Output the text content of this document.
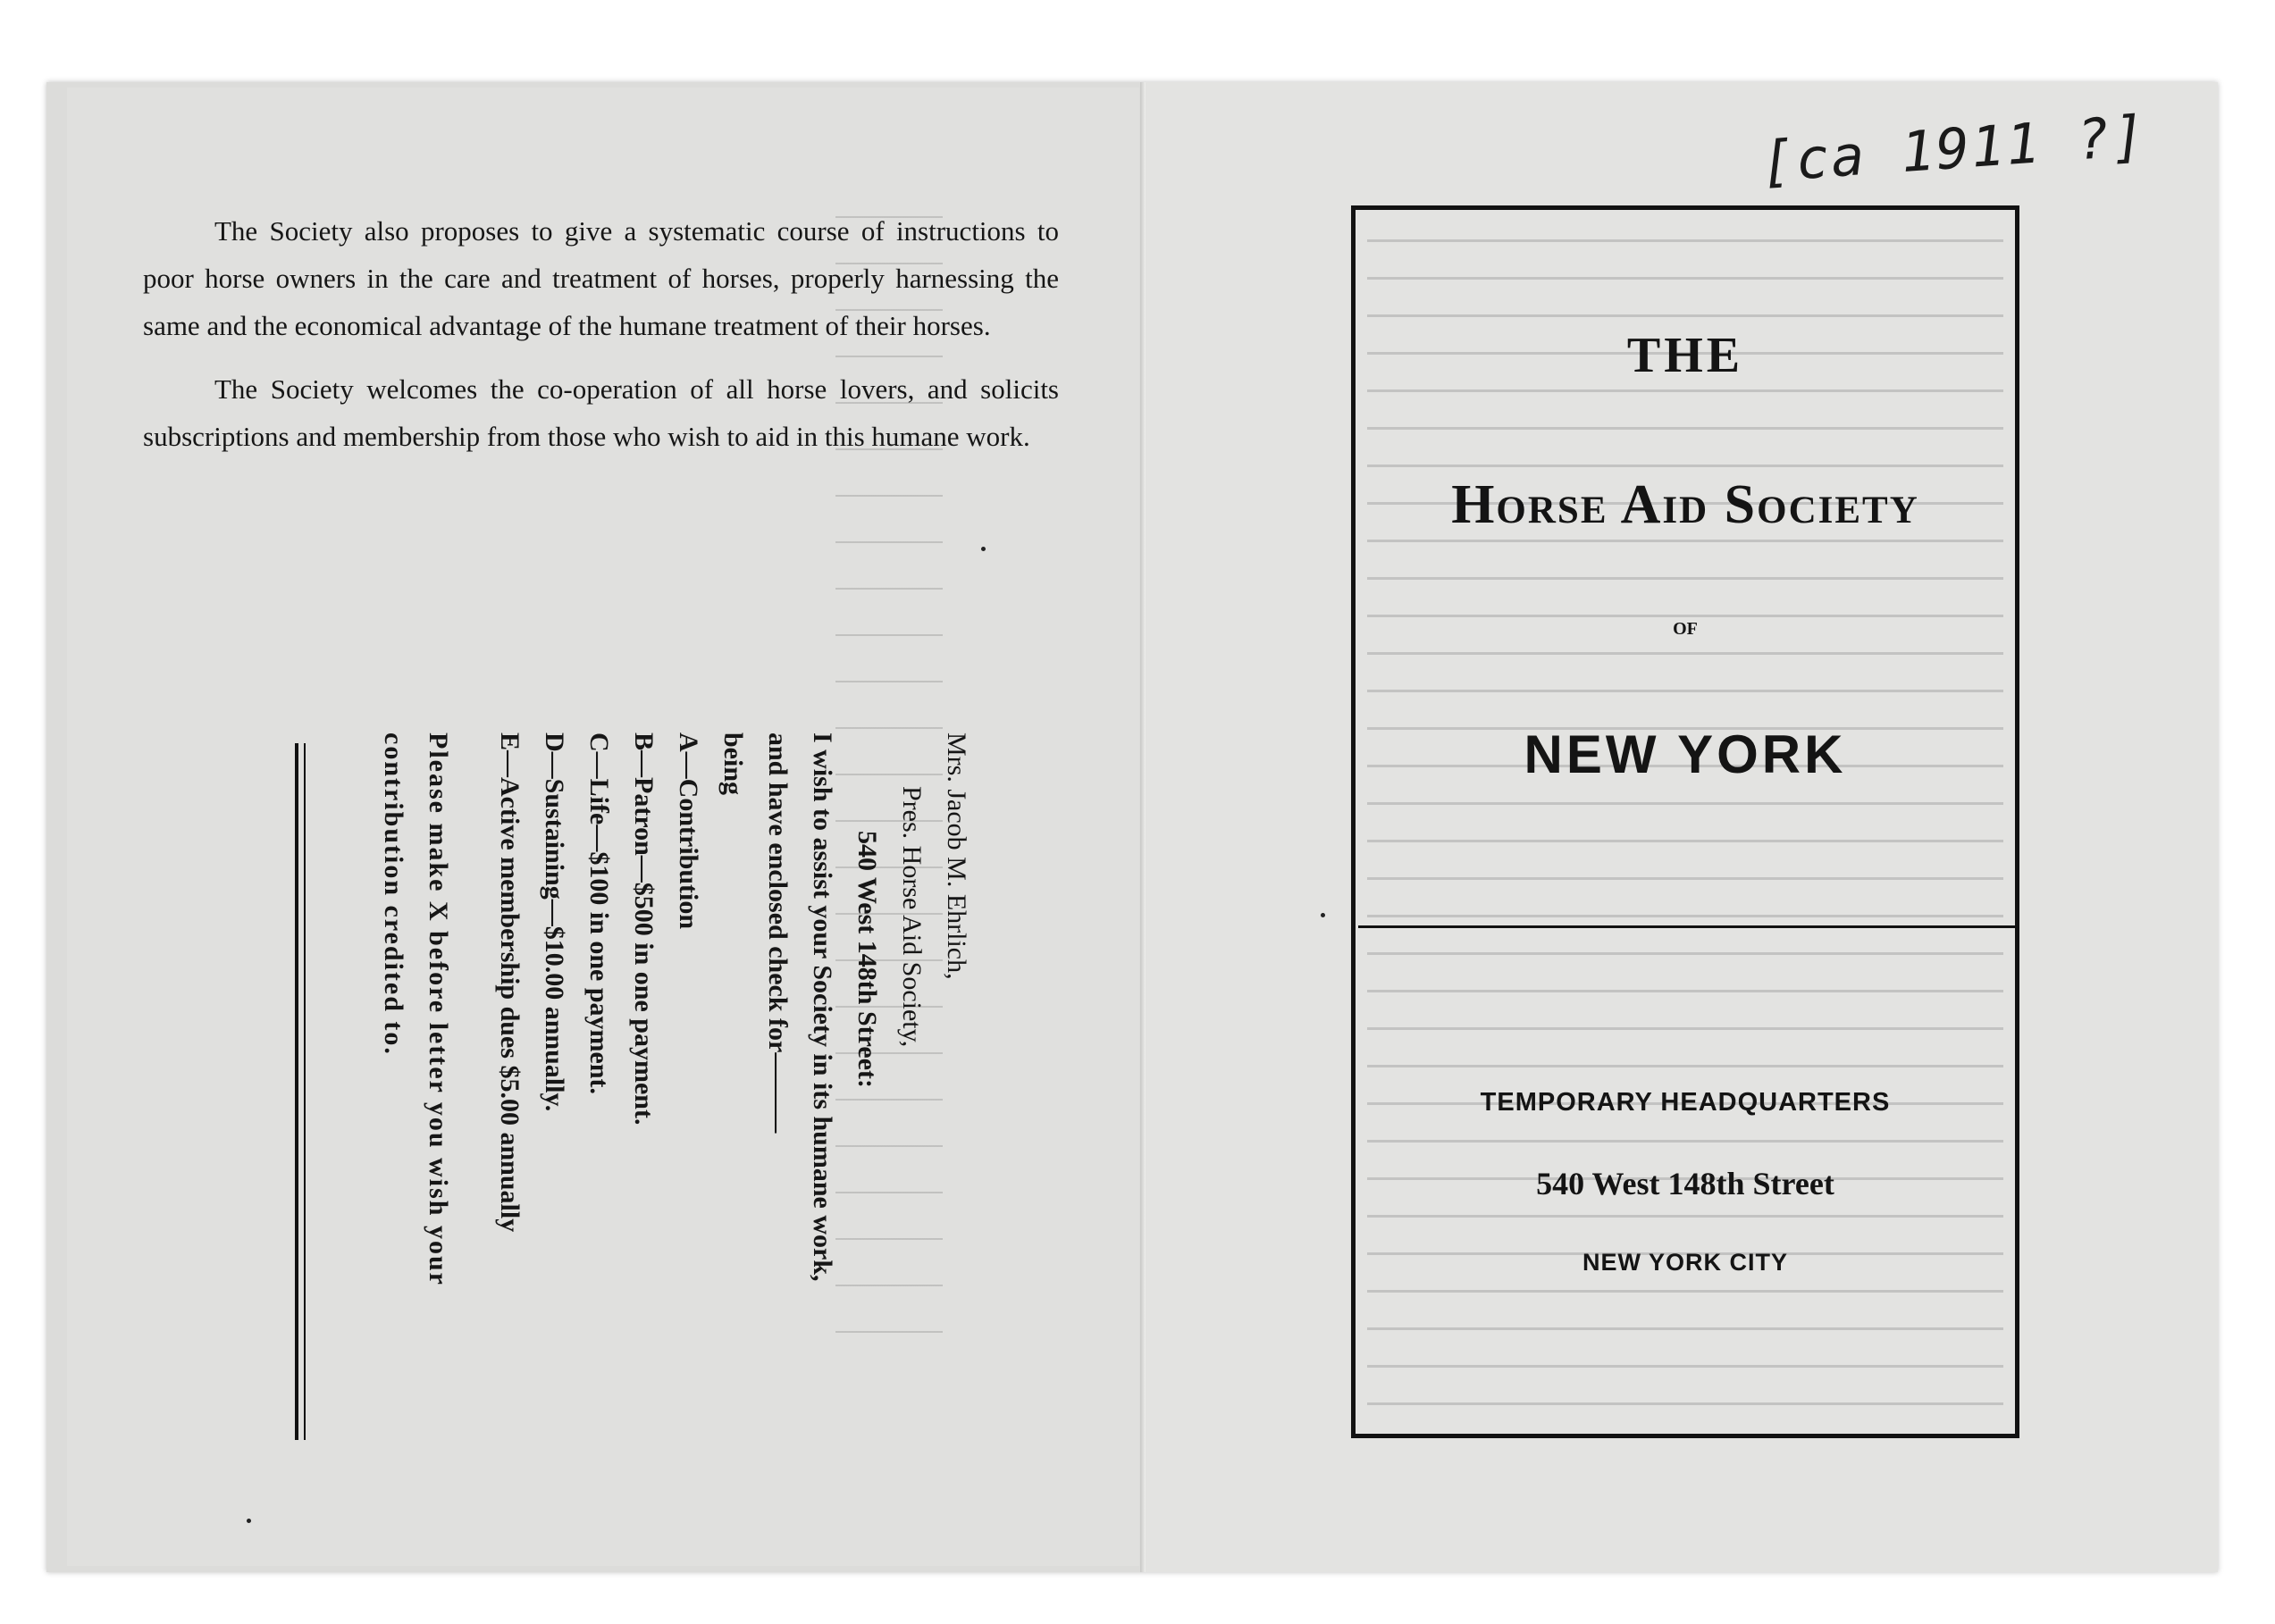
[ca 1911 ?]

The Society also proposes to give a systematic course of instructions to poor horse owners in the care and treatment of horses, properly harnessing the same and the economical advantage of the humane treatment of their horses.

The Society welcomes the co-operation of all horse lovers, and solicits subscriptions and membership from those who wish to aid in this humane work.

Mrs. Jacob M. Ehrlich,
Pres. Horse Aid Society,
540 West 148th Street:
I wish to assist your Society in its humane work,
and have enclosed check for———
being
A—Contribution
B—Patron—$500 in one payment.
C—Life—$100 in one payment.
D—Sustaining—$10.00 annually.
E—Active membership dues $5.00 annually
Please make X before letter you wish your
contribution credited to.
THE
Horse Aid Society
of
NEW YORK
TEMPORARY HEADQUARTERS
540 West 148th Street
NEW YORK CITY
